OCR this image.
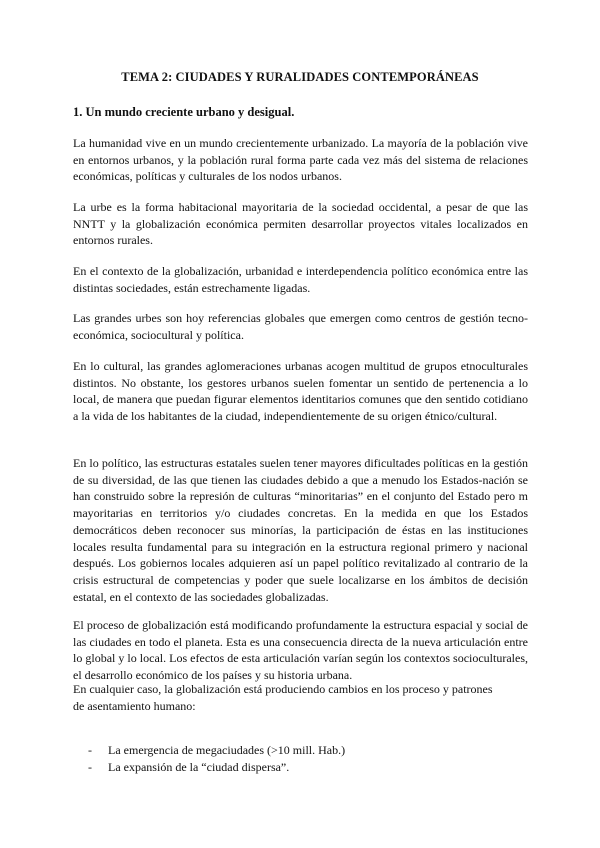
TEMA 2: CIUDADES Y RURALIDADES CONTEMPORÁNEAS
1. Un mundo creciente urbano y desigual.

La humanidad vive en un mundo crecientemente urbanizado. La mayoría de la población vive en entornos urbanos, y la población rural forma parte cada vez más del sistema de relaciones económicas, políticas y culturales de los nodos urbanos.

La urbe es la forma habitacional mayoritaria de la sociedad occidental, a pesar de que las NNTT y la globalización económica permiten desarrollar proyectos vitales localizados en entornos rurales.

En el contexto de la globalización, urbanidad e interdependencia político económica entre las distintas sociedades, están estrechamente ligadas.

Las grandes urbes son hoy referencias globales que emergen como centros de gestión tecno-económica, sociocultural y política.

En lo cultural, las grandes aglomeraciones urbanas acogen multitud de grupos etnoculturales distintos. No obstante, los gestores urbanos suelen fomentar un sentido de pertenencia a lo local, de manera que puedan figurar elementos identitarios comunes que den sentido cotidiano a la vida de los habitantes de la ciudad, independientemente de su origen étnico/cultural.

En lo político, las estructuras estatales suelen tener mayores dificultades políticas en la gestión de su diversidad, de las que tienen las ciudades debido a que a menudo los Estados-nación se han construido sobre la represión de culturas “minoritarias” en el conjunto del Estado pero m mayoritarias en territorios y/o ciudades concretas. En la medida en que los Estados democráticos deben reconocer sus minorías, la participación de éstas en las instituciones locales resulta fundamental para su integración en la estructura regional primero y nacional después. Los gobiernos locales adquieren así un papel político revitalizado al contrario de la crisis estructural de competencias y poder que suele localizarse en los ámbitos de decisión estatal, en el contexto de las sociedades globalizadas.

El proceso de globalización está modificando profundamente la estructura espacial y social de las ciudades en todo el planeta. Esta es una consecuencia directa de la nueva articulación entre lo global y lo local. Los efectos de esta articulación varían según los contextos socioculturales, el desarrollo económico de los países y su historia urbana.

En cualquier caso, la globalización está produciendo cambios en los proceso y patrones de asentamiento humano:

- La emergencia de megaciudades (>10 mill. Hab.)
- La expansión de la “ciudad dispersa”.
